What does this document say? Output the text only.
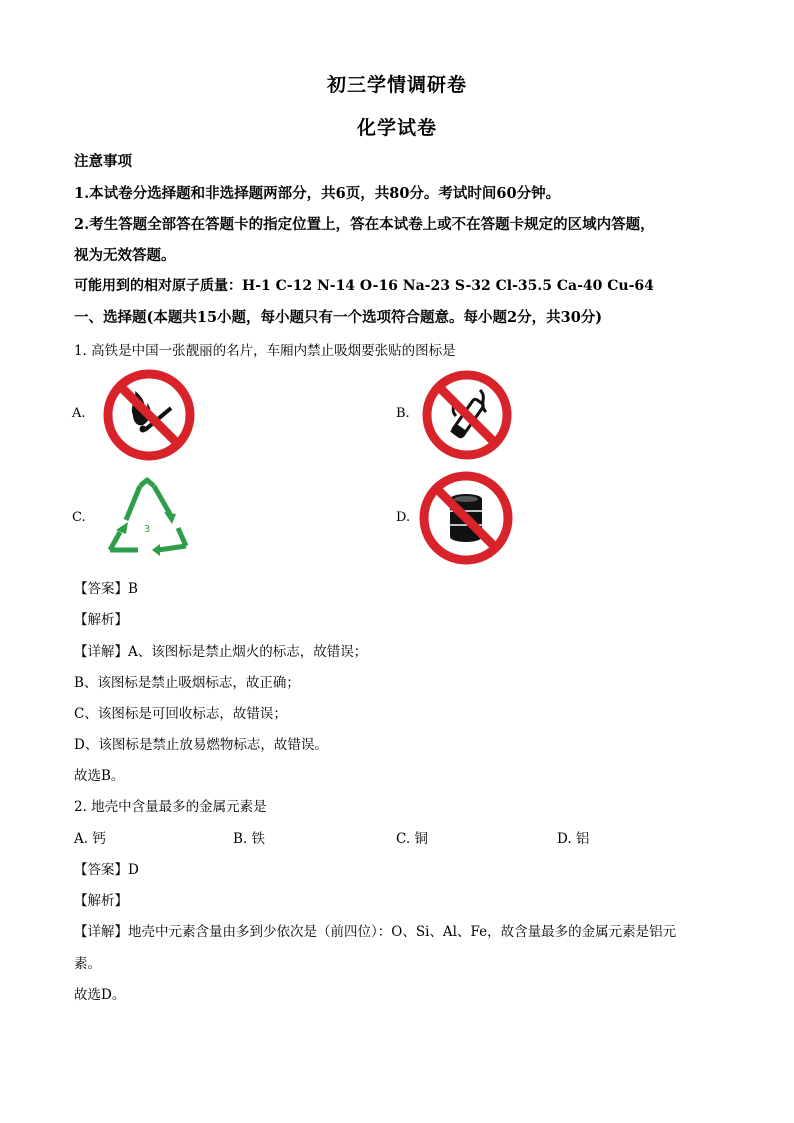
初三学情调研卷
化学试卷
注意事项
1.本试卷分选择题和非选择题两部分，共6页，共80分。考试时间60分钟。
2.考生答题全部答在答题卡的指定位置上，答在本试卷上或不在答题卡规定的区域内答题，
视为无效答题。
可能用到的相对原子质量：H-1 C-12 N-14 O-16 Na-23 S-32 Cl-35.5 Ca-40 Cu-64
一、选择题(本题共15小题，每小题只有一个选项符合题意。每小题2分，共30分)
1. 高铁是中国一张靓丽的名片，车厢内禁止吸烟要张贴的图标是
A.	B.
C.
3
D.
【答案】B
【解析】
【详解】A、该图标是禁止烟火的标志，故错误；
B、该图标是禁止吸烟标志，故正确；
C、该图标是可回收标志，故错误；
D、该图标是禁止放易燃物标志，故错误。
故选B。
2. 地壳中含量最多的金属元素是
A. 钙	B. 铁	C. 铜	D. 铝
【答案】D
【解析】
【详解】地壳中元素含量由多到少依次是（前四位）：O、Si、Al、Fe，故含量最多的金属元素是铝元
素。
故选D。
